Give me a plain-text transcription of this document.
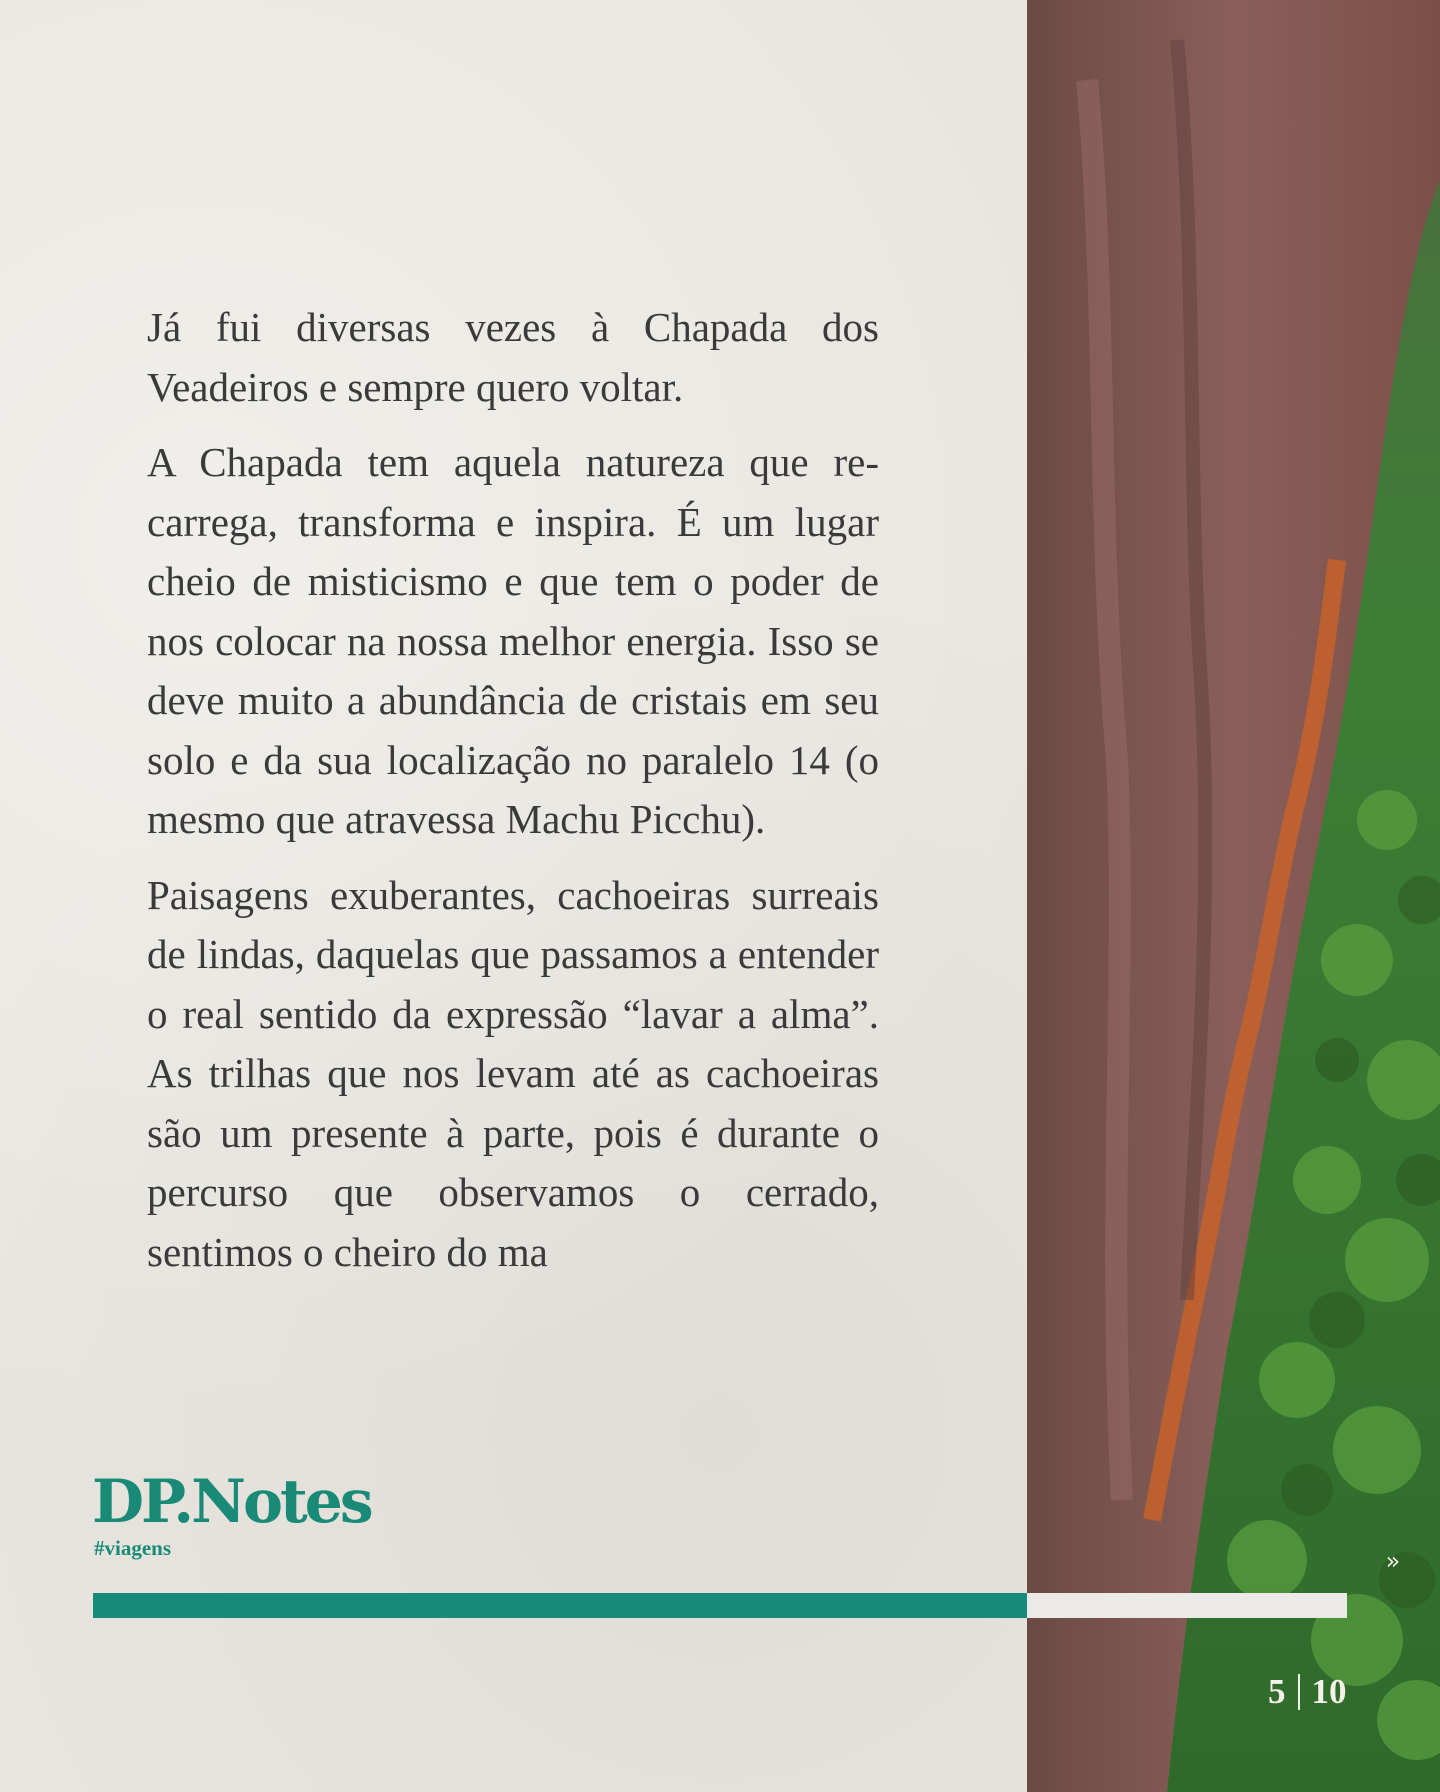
Já fui diversas vezes à Chapada dos Veadeiros e sempre quero voltar.

A Chapada tem aquela natureza que recarrega, transforma e inspira. É um lugar cheio de misticismo e que tem o poder de nos colocar na nossa melhor energia. Isso se deve muito a abundância de cristais em seu solo e da sua localização no paralelo 14 (o mesmo que atravessa Machu Picchu).

Paisagens exuberantes, cachoeiras surreais de lindas, daquelas que passamos a entender o real sentido da expressão “lavar a alma”. As trilhas que nos levam até as cachoeiras são um presente à parte, pois é durante o percurso que observamos o cerrado, sentimos o cheiro do ma

DP.Notes
#viagens	»
5 10
